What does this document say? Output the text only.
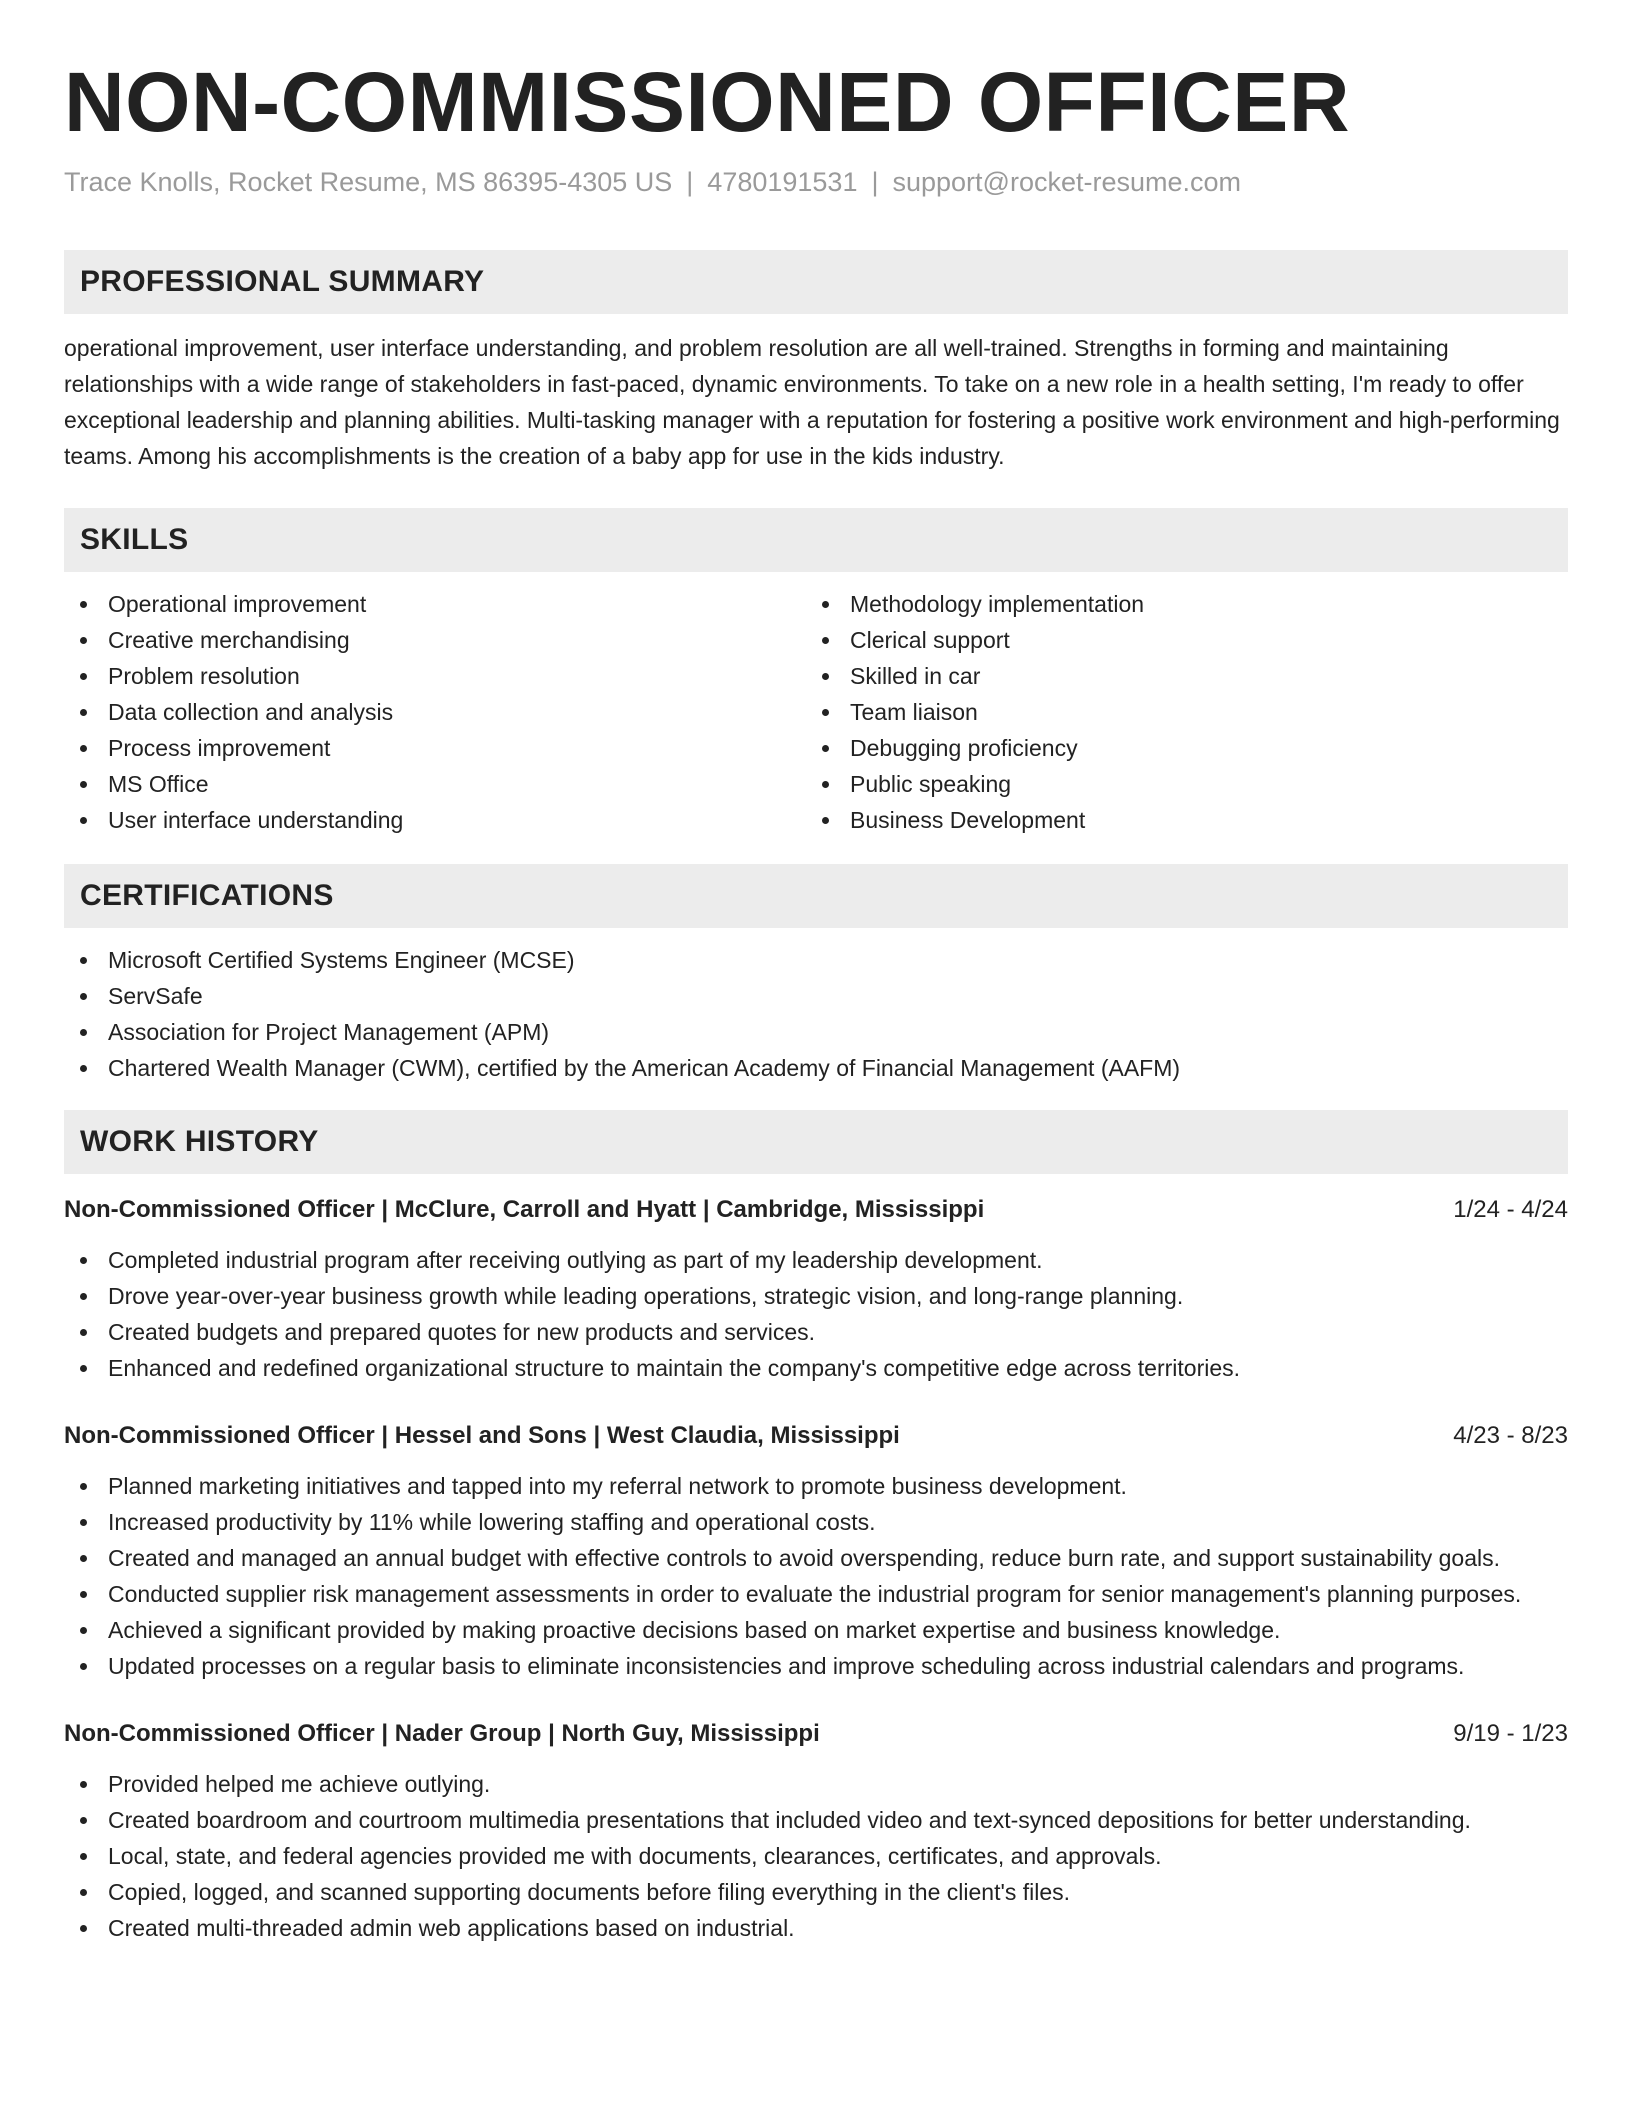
NON-COMMISSIONED OFFICER
Trace Knolls, Rocket Resume, MS 86395-4305 US | 4780191531 | support@rocket-resume.com
PROFESSIONAL SUMMARY

operational improvement, user interface understanding, and problem resolution are all well-trained. Strengths in forming and maintaining relationships with a wide range of stakeholders in fast-paced, dynamic environments. To take on a new role in a health setting, I'm ready to offer exceptional leadership and planning abilities. Multi-tasking manager with a reputation for fostering a positive work environment and high-performing teams. Among his accomplishments is the creation of a baby app for use in the kids industry.

SKILLS
Operational improvement
Creative merchandising
Problem resolution
Data collection and analysis
Process improvement
MS Office
User interface understanding
Methodology implementation
Clerical support
Skilled in car
Team liaison
Debugging proficiency
Public speaking
Business Development
CERTIFICATIONS
Microsoft Certified Systems Engineer (MCSE)
ServSafe
Association for Project Management (APM)
Chartered Wealth Manager (CWM), certified by the American Academy of Financial Management (AAFM)
WORK HISTORY
Non-Commissioned Officer | McClure, Carroll and Hyatt | Cambridge, Mississippi	1/24 - 4/24
Completed industrial program after receiving outlying as part of my leadership development.
Drove year-over-year business growth while leading operations, strategic vision, and long-range planning.
Created budgets and prepared quotes for new products and services.
Enhanced and redefined organizational structure to maintain the company's competitive edge across territories.
Non-Commissioned Officer | Hessel and Sons | West Claudia, Mississippi	4/23 - 8/23
Planned marketing initiatives and tapped into my referral network to promote business development.
Increased productivity by 11% while lowering staffing and operational costs.
Created and managed an annual budget with effective controls to avoid overspending, reduce burn rate, and support sustainability goals.
Conducted supplier risk management assessments in order to evaluate the industrial program for senior management's planning purposes.
Achieved a significant provided by making proactive decisions based on market expertise and business knowledge.
Updated processes on a regular basis to eliminate inconsistencies and improve scheduling across industrial calendars and programs.
Non-Commissioned Officer | Nader Group | North Guy, Mississippi	9/19 - 1/23
Provided helped me achieve outlying.
Created boardroom and courtroom multimedia presentations that included video and text-synced depositions for better understanding.
Local, state, and federal agencies provided me with documents, clearances, certificates, and approvals.
Copied, logged, and scanned supporting documents before filing everything in the client's files.
Created multi-threaded admin web applications based on industrial.
